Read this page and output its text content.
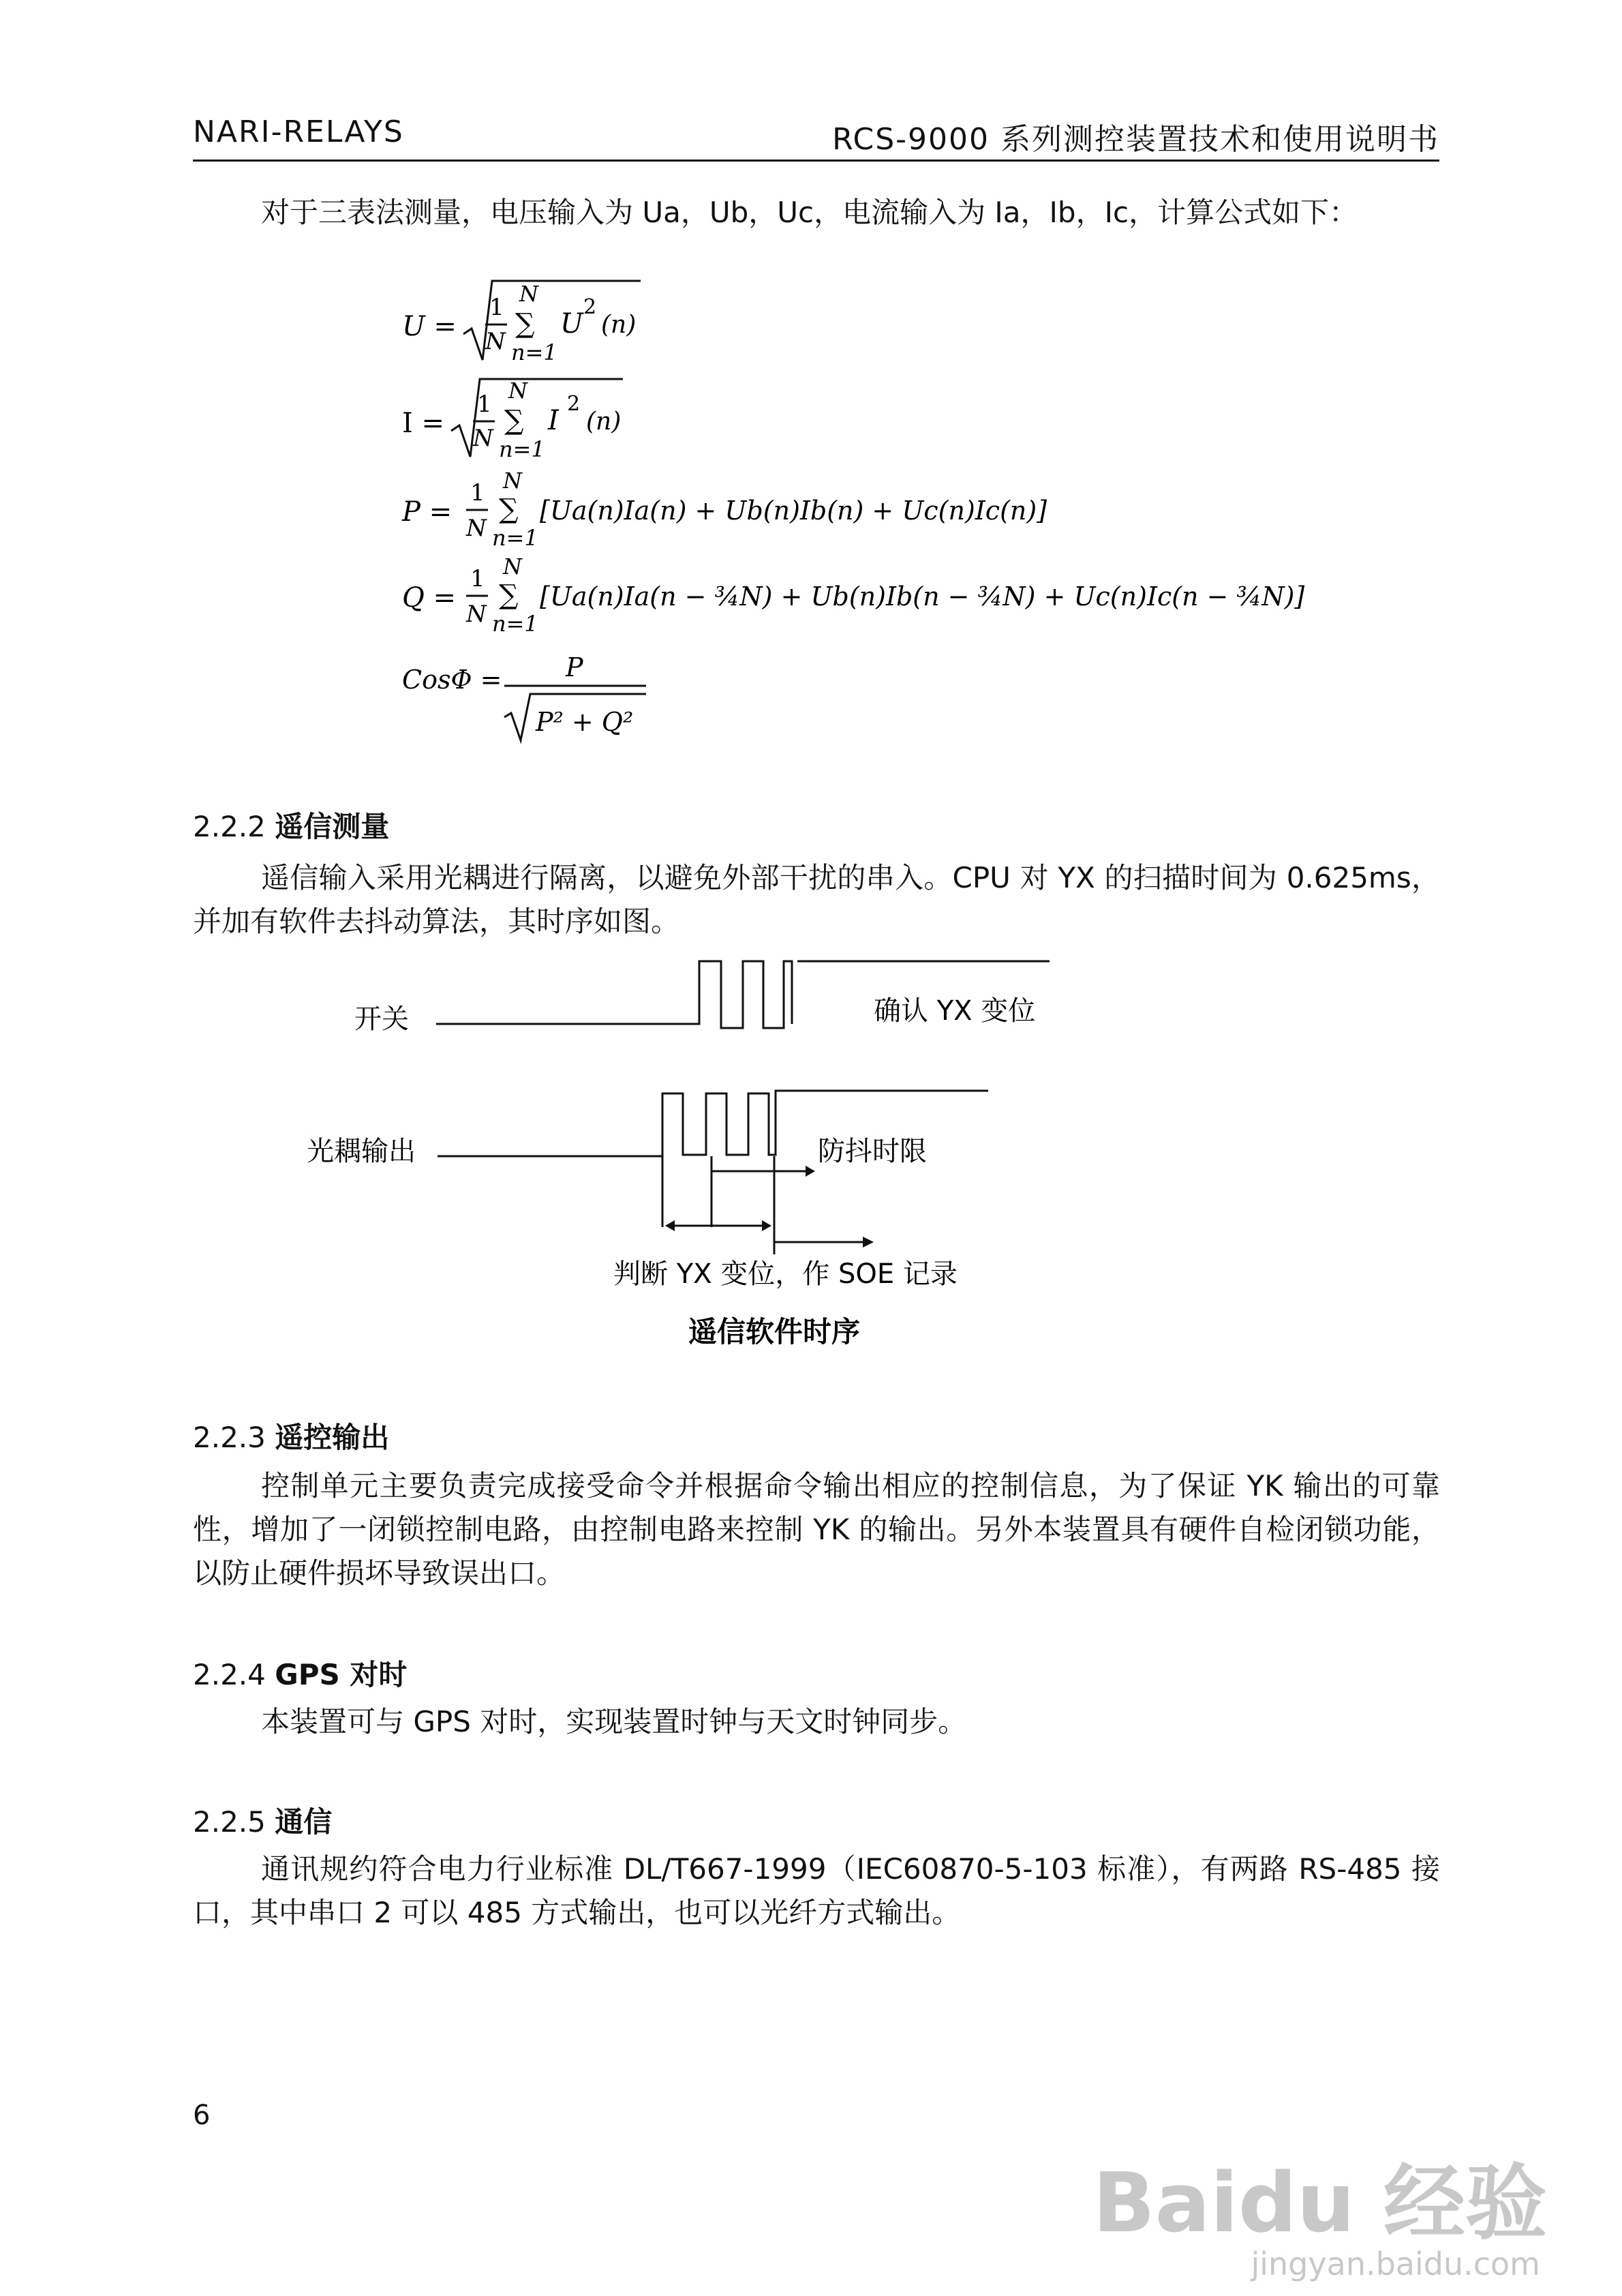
NARI-RELAYS	RCS-9000 系列测控装置技术和使用说明书
对于三表法测量，电压输入为 Ua，Ub，Uc，电流输入为 Ia，Ib，Ic，计算公式如下：
U =
1
N
N
∑
n=1
U
2
(n)
I =
1
N
N
∑
n=1
I
2
(n)
P =
1
N
N
∑
n=1
[Ua(n)Ia(n) + Ub(n)Ib(n) + Uc(n)Ic(n)]
Q =
1
N
N
∑
n=1
[Ua(n)Ia(n − ¾N) + Ub(n)Ib(n − ¾N) + Uc(n)Ic(n − ¾N)]
CosΦ = P
P² + Q²
2.2.2 遥信测量
遥信输入采用光耦进行隔离，以避免外部干扰的串入。CPU 对 YX 的扫描时间为 0.625ms，并加有软件去抖动算法，其时序如图。
开关	确认 YX 变位
光耦输出	防抖时限
判断 YX 变位，作 SOE 记录
遥信软件时序
2.2.3 遥控输出
控制单元主要负责完成接受命令并根据命令输出相应的控制信息，为了保证 YK 输出的可靠性，增加了一闭锁控制电路，由控制电路来控制 YK 的输出。另外本装置具有硬件自检闭锁功能，以防止硬件损坏导致误出口。
2.2.4 GPS 对时
本装置可与 GPS 对时，实现装置时钟与天文时钟同步。
2.2.5 通信
通讯规约符合电力行业标准 DL/T667-1999（IEC60870-5-103 标准），有两路 RS-485 接口，其中串口 2 可以 485 方式输出，也可以光纤方式输出。
6
Baidu 经验
jingyan.baidu.com
